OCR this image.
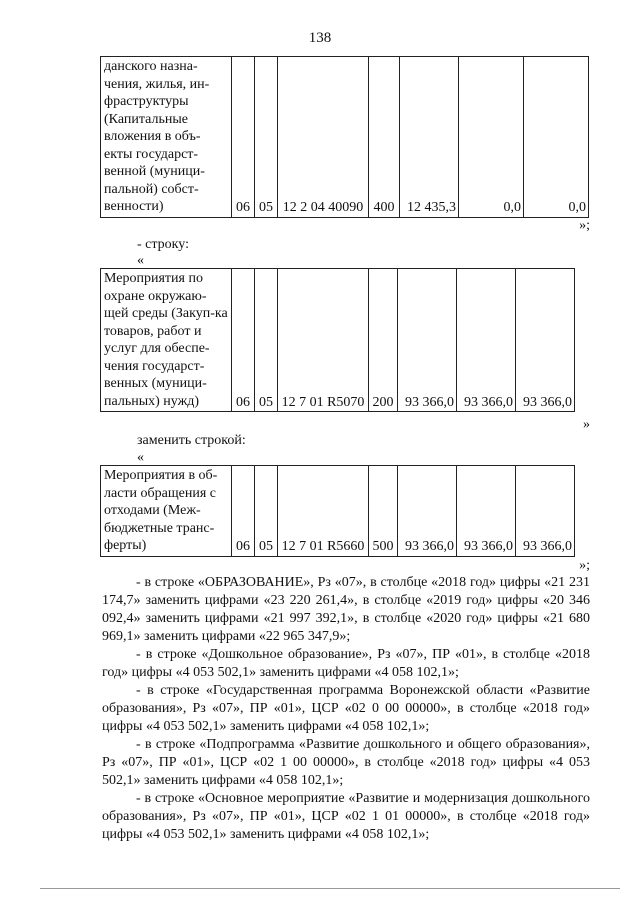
138
данского назна-чения, жилья, ин-фраструктуры (Капитальные вложения в объ-екты государст-венной (муници-пальной) собст-венности)	06	05	12 2 04 40090	400	12 435,3	0,0	0,0
»;
- строку:
«
Мероприятия по охране окружаю-щей среды (Закуп-ка товаров, работ и услуг для обеспе-чения государст-венных (муници-пальных) нужд)	06	05	12 7 01 R5070	200	93 366,0	93 366,0	93 366,0
»
заменить строкой:
«
Мероприятия в об-ласти обращения с отходами (Меж-бюджетные транс-ферты)	06	05	12 7 01 R5660	500	93 366,0	93 366,0	93 366,0
»;
- в строке «ОБРАЗОВАНИЕ», Рз «07», в столбце «2018 год» цифры «21 231 174,7» заменить цифрами «23 220 261,4», в столбце «2019 год» цифры «20 346 092,4» заменить цифрами «21 997 392,1», в столбце «2020 год» цифры «21 680 969,1» заменить цифрами «22 965 347,9»;
- в строке «Дошкольное образование», Рз «07», ПР «01», в столбце «2018 год» цифры «4 053 502,1» заменить цифрами «4 058 102,1»;
- в строке «Государственная программа Воронежской области «Развитие образования», Рз «07», ПР «01», ЦСР «02 0 00 00000», в столбце «2018 год» цифры «4 053 502,1» заменить цифрами «4 058 102,1»;
- в строке «Подпрограмма «Развитие дошкольного и общего образования», Рз «07», ПР «01», ЦСР «02 1 00 00000», в столбце «2018 год» цифры «4 053 502,1» заменить цифрами «4 058 102,1»;
- в строке «Основное мероприятие «Развитие и модернизация дошкольного образования», Рз «07», ПР «01», ЦСР «02 1 01 00000», в столбце «2018 год» цифры «4 053 502,1» заменить цифрами «4 058 102,1»;
